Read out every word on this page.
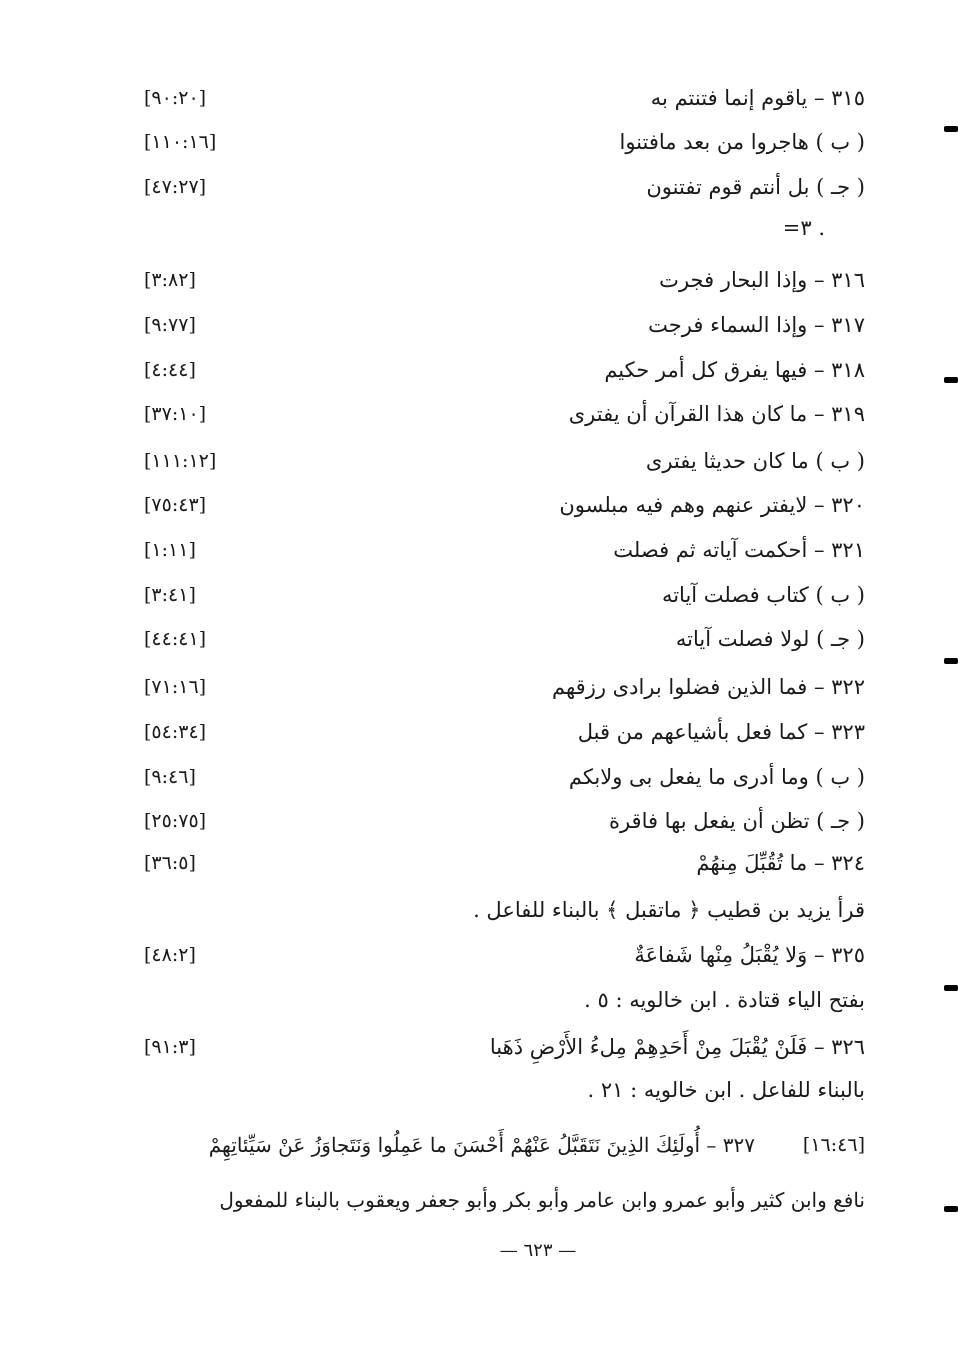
٣١٥ – ياقوم إنما فتنتم به
[٩٠:٢٠]
( ب ) هاجروا من بعد مافتنوا
[١١٠:١٦]
( جـ ) بل أنتم قوم تفتنون
[٤٧:٢٧]
. ٣=
٣١٦ – وإذا البحار فجرت
[٣:٨٢]
٣١٧ – وإذا السماء فرجت
[٩:٧٧]
٣١٨ – فيها يفرق كل أمر حكيم
[٤:٤٤]
٣١٩ – ما كان هذا القرآن أن يفترى
[٣٧:١٠]
( ب ) ما كان حديثا يفترى
[١١١:١٢]
٣٢٠ – لايفتر عنهم وهم فيه مبلسون
[٧٥:٤٣]
٣٢١ – أحكمت آياته ثم فصلت
[١:١١]
( ب ) كتاب فصلت آياته
[٣:٤١]
( جـ ) لولا فصلت آياته
[٤٤:٤١]
٣٢٢ – فما الذين فضلوا برادى رزقهم
[٧١:١٦]
٣٢٣ – كما فعل بأشياعهم من قبل
[٥٤:٣٤]
( ب ) وما أدرى ما يفعل بى ولابكم
[٩:٤٦]
( جـ ) تظن أن يفعل بها فاقرة
[٢٥:٧٥]
٣٢٤ – ما تُقُبِّلَ مِنهُمْ
[٣٦:٥]
قرأ يزيد بن قطيب ﴿ ماتقبل ﴾ بالبناء للفاعل .
٣٢٥ – وَلا يُقْبَلُ مِنْها شَفاعَةٌ
[٤٨:٢]
بفتح الياء قتادة . ابن خالويه : ٥ .
٣٢٦ – فَلَنْ يُقْبَلَ مِنْ أَحَدِهِمْ مِلءُ الأَرْضِ ذَهَبا
[٩١:٣]
بالبناء للفاعل . ابن خالويه : ٢١ .
٣٢٧ – أُولَئِكَ الذِينَ نَتَقَبَّلُ عَنْهُمْ أَحْسَنَ ما عَمِلُوا وَنَتَجاوَزُ عَنْ سَيِّئاتِهِمْ	[١٦:٤٦]
نافع وابن كثير وأبو عمرو وابن عامر وأبو بكر وأبو جعفر ويعقوب بالبناء للمفعول
— ٦٢٣ —
